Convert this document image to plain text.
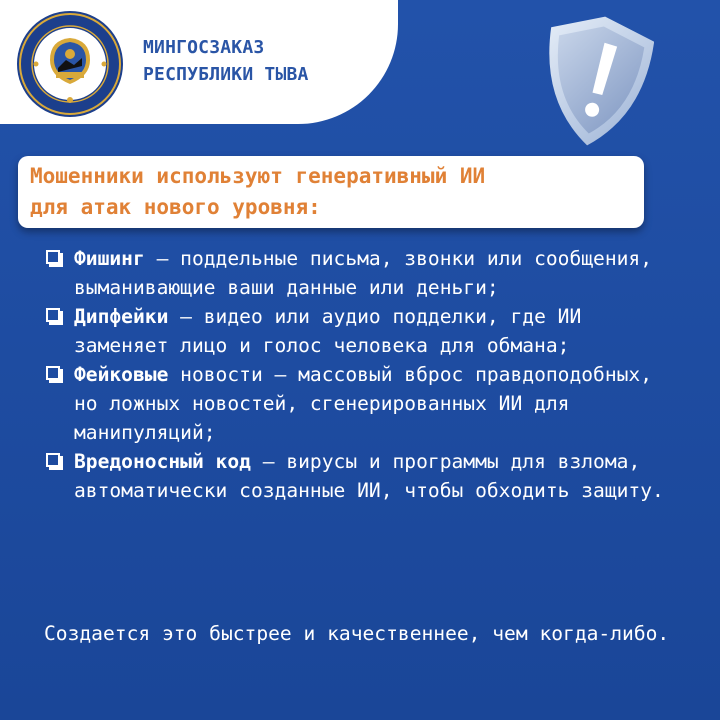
МИНГОСЗАКАЗ
РЕСПУБЛИКИ ТЫВА

Мошенники используют генеративный ИИ
для атак нового уровня:

Фишинг – поддельные письма, звонки или сообщения, выманивающие ваши данные или деньги;
Дипфейки – видео или аудио подделки, где ИИ заменяет лицо и голос человека для обмана;
Фейковые новости – массовый вброс правдоподобных, но ложных новостей, сгенерированных ИИ для манипуляций;
Вредоносный код – вирусы и программы для взлома, автоматически созданные ИИ, чтобы обходить защиту.

Создается это быстрее и качественнее, чем когда-либо.
